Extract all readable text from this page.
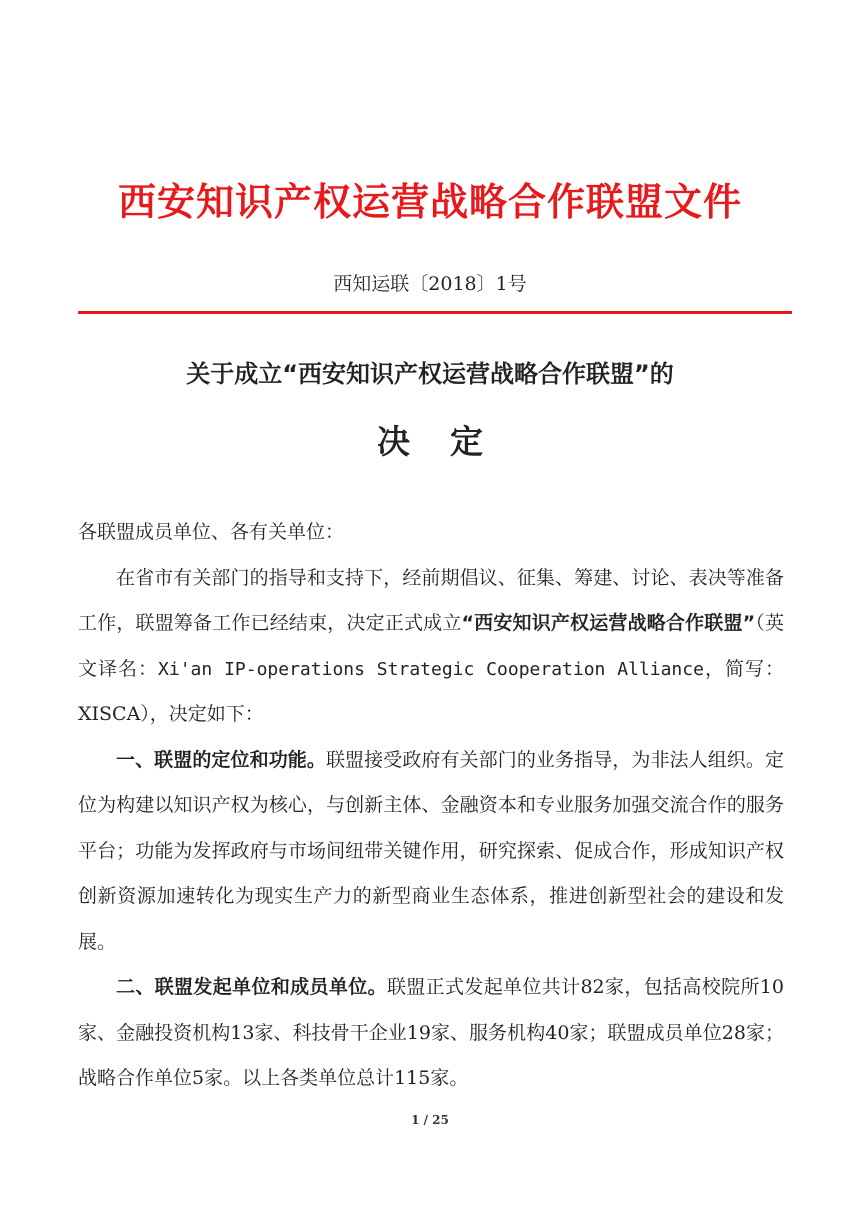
西安知识产权运营战略合作联盟文件
西知运联〔2018〕1号
关于成立“西安知识产权运营战略合作联盟”的
决定

各联盟成员单位、各有关单位：

在省市有关部门的指导和支持下，经前期倡议、征集、筹建、讨论、表决等准备工作，联盟筹备工作已经结束，决定正式成立“西安知识产权运营战略合作联盟”（英文译名：Xi'an IP-operations Strategic Cooperation Alliance，简写：XISCA），决定如下：

一、联盟的定位和功能。联盟接受政府有关部门的业务指导，为非法人组织。定位为构建以知识产权为核心，与创新主体、金融资本和专业服务加强交流合作的服务平台；功能为发挥政府与市场间纽带关键作用，研究探索、促成合作，形成知识产权创新资源加速转化为现实生产力的新型商业生态体系，推进创新型社会的建设和发展。

二、联盟发起单位和成员单位。联盟正式发起单位共计82家，包括高校院所10家、金融投资机构13家、科技骨干企业19家、服务机构40家；联盟成员单位28家；战略合作单位5家。以上各类单位总计115家。

1 / 25
